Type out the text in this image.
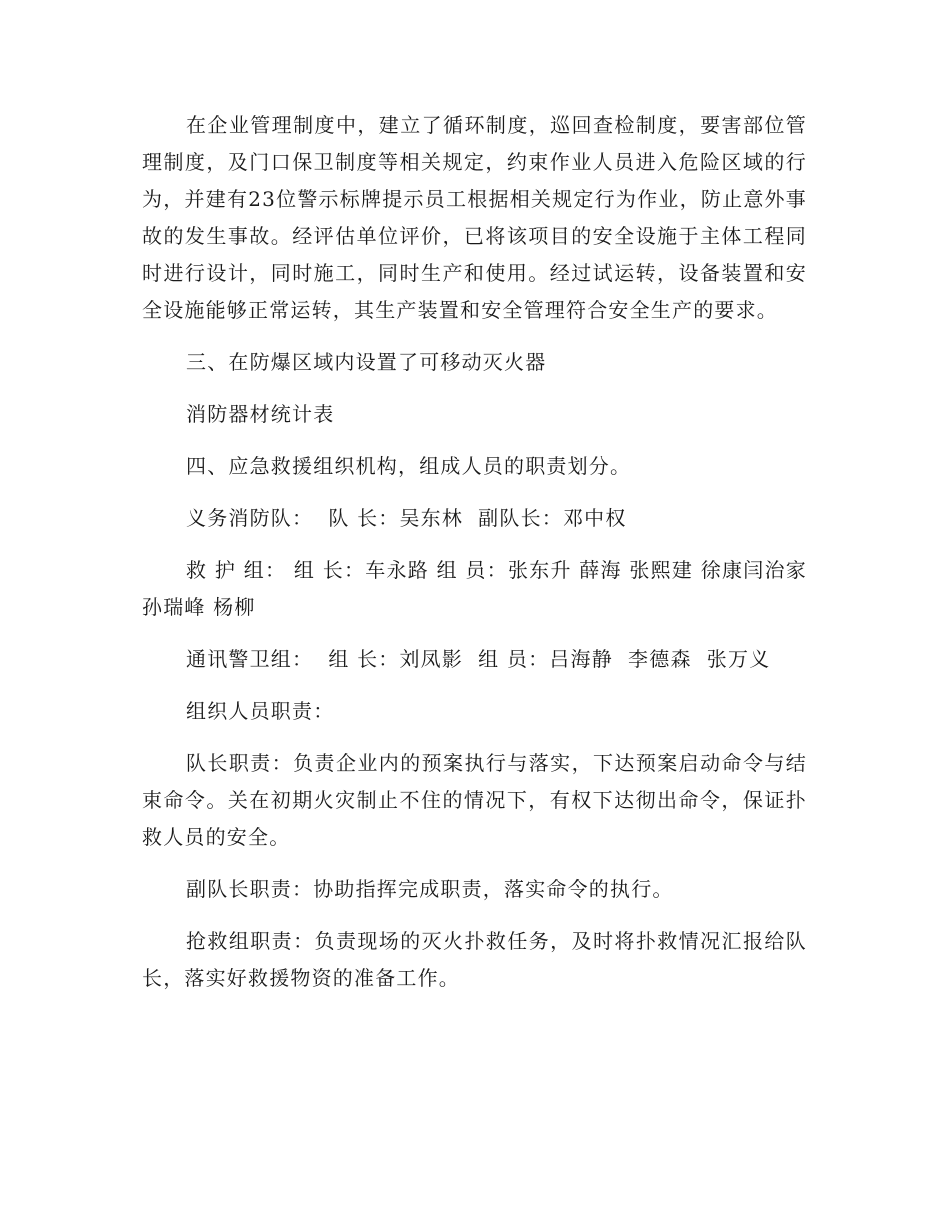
在企业管理制度中，建立了循环制度，巡回查检制度，要害部位管理制度，及门口保卫制度等相关规定，约束作业人员进入危险区域的行为，并建有23位警示标牌提示员工根据相关规定行为作业，防止意外事故的发生事故。经评估单位评价，已将该项目的安全设施于主体工程同时进行设计，同时施工，同时生产和使用。经过试运转，设备装置和安全设施能够正常运转，其生产装置和安全管理符合安全生产的要求。

三、在防爆区域内设置了可移动灭火器

消防器材统计表

四、应急救援组织机构，组成人员的职责划分。

义务消防队：  队 长：吴东林  副队长：邓中权

救 护 组： 组 长：车永路 组 员：张东升 薛海 张熙建 徐康闫治家 孙瑞峰 杨柳

通讯警卫组：  组 长：刘凤影  组 员：吕海静  李德森  张万义

组织人员职责：

队长职责：负责企业内的预案执行与落实，下达预案启动命令与结束命令。关在初期火灾制止不住的情况下，有权下达彻出命令，保证扑救人员的安全。

副队长职责：协助指挥完成职责，落实命令的执行。

抢救组职责：负责现场的灭火扑救任务，及时将扑救情况汇报给队长，落实好救援物资的准备工作。
